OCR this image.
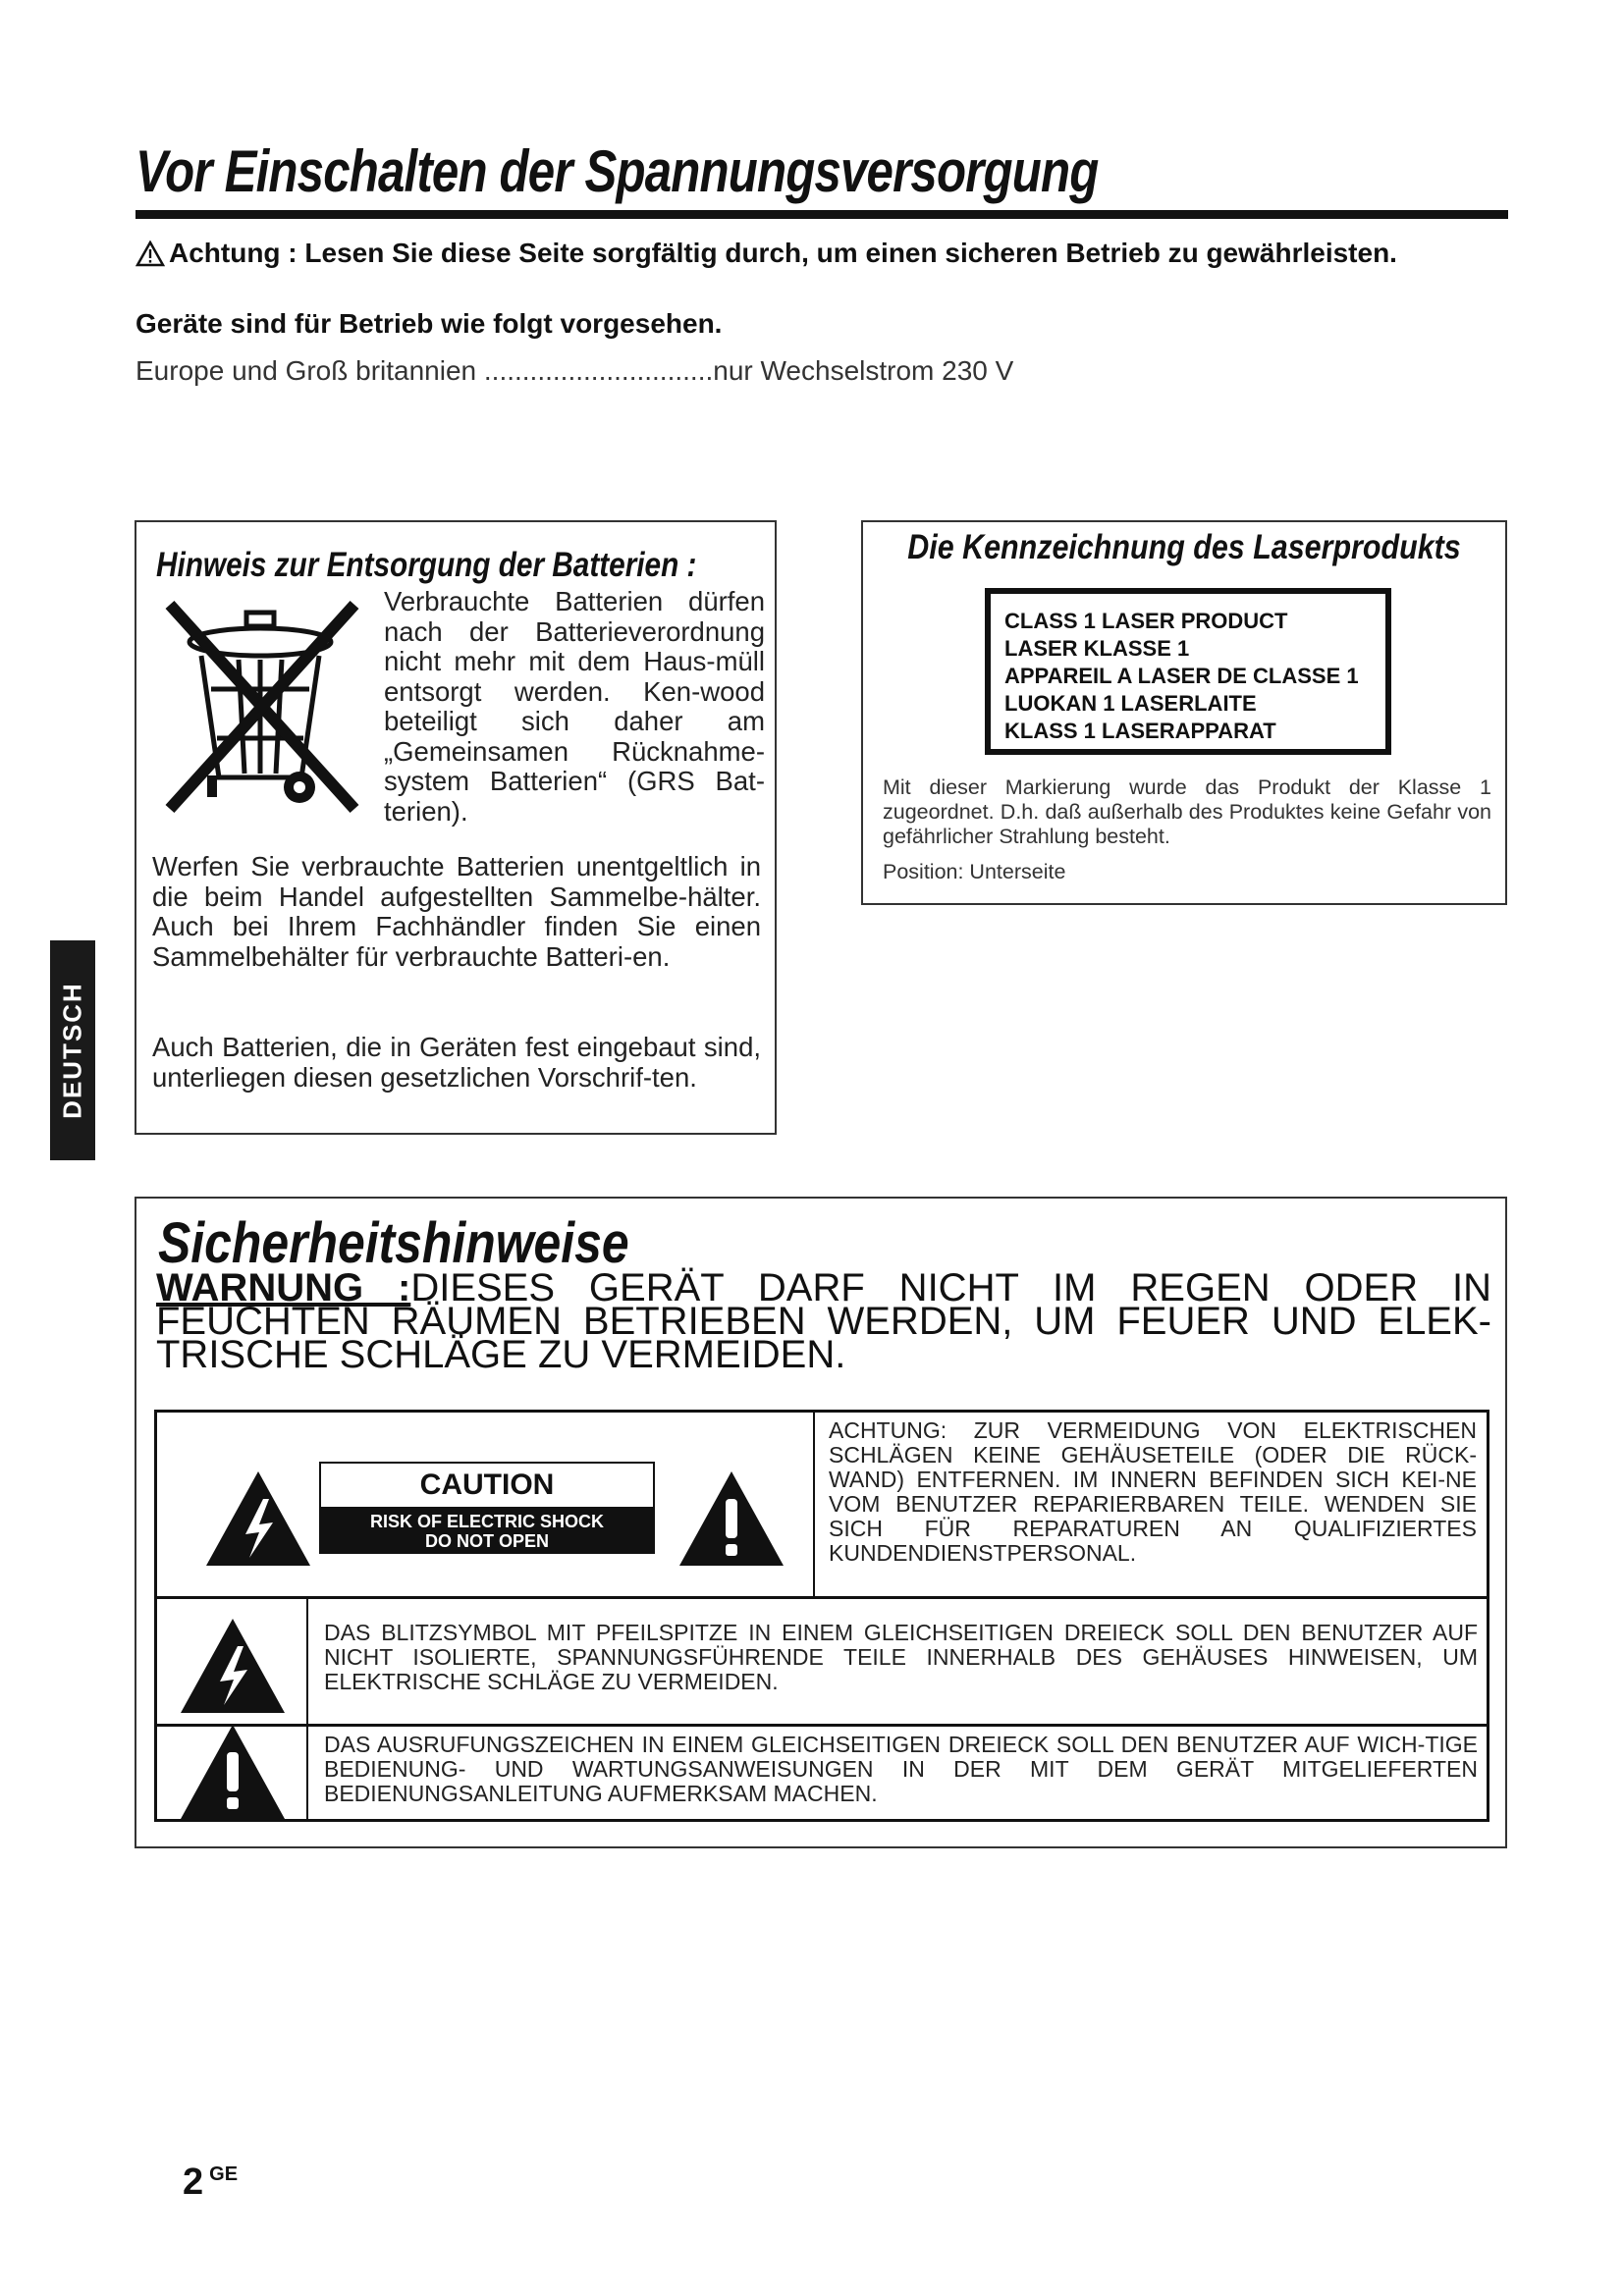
Vor Einschalten der Spannungsversorgung
Achtung : Lesen Sie diese Seite sorgfältig durch, um einen sicheren Betrieb zu gewährleisten.
Geräte sind für Betrieb wie folgt vorgesehen.
Europe und Groß britannien ..............................nur Wechselstrom 230 V
Hinweis zur Entsorgung der Batterien :
Verbrauchte Batterien dürfen nach der Batterieverordnung nicht mehr mit dem Haus-müll entsorgt werden. Ken-wood beteiligt sich daher am „Gemeinsamen Rücknahme-system Batterien“ (GRS Bat-terien).
Werfen Sie verbrauchte Batterien unentgeltlich in die beim Handel aufgestellten Sammelbe-hälter. Auch bei Ihrem Fachhändler finden Sie einen Sammelbehälter für verbrauchte Batteri-en.
Auch Batterien, die in Geräten fest eingebaut sind, unterliegen diesen gesetzlichen Vorschrif-ten.
Die Kennzeichnung des Laserprodukts
CLASS 1 LASER PRODUCT
LASER KLASSE 1
APPAREIL A LASER DE CLASSE 1
LUOKAN 1 LASERLAITE
KLASS 1 LASERAPPARAT
Mit dieser Markierung wurde das Produkt der Klasse 1 zugeordnet. D.h. daß außerhalb des Produktes keine Gefahr von gefährlicher Strahlung besteht.
Position: Unterseite
DEUTSCH
Sicherheitshinweise
WARNUNG :DIESES GERÄT DARF NICHT IM REGEN ODER IN FEUCHTEN RÄUMEN BETRIEBEN WERDEN, UM FEUER UND ELEK-TRISCHE SCHLÄGE ZU VERMEIDEN.
CAUTION
RISK OF ELECTRIC SHOCK
DO NOT OPEN
ACHTUNG: ZUR VERMEIDUNG VON ELEKTRISCHEN SCHLÄGEN KEINE GEHÄUSETEILE (ODER DIE RÜCK-WAND) ENTFERNEN. IM INNERN BEFINDEN SICH KEI-NE VOM BENUTZER REPARIERBAREN TEILE. WENDEN SIE SICH FÜR REPARATUREN AN QUALIFIZIERTES KUNDENDIENSTPERSONAL.
DAS BLITZSYMBOL MIT PFEILSPITZE IN EINEM GLEICHSEITIGEN DREIECK SOLL DEN BENUTZER AUF NICHT ISOLIERTE, SPANNUNGSFÜHRENDE TEILE INNERHALB DES GEHÄUSES HINWEISEN, UM ELEKTRISCHE SCHLÄGE ZU VERMEIDEN.
DAS AUSRUFUNGSZEICHEN IN EINEM GLEICHSEITIGEN DREIECK SOLL DEN BENUTZER AUF WICH-TIGE BEDIENUNG- UND WARTUNGSANWEISUNGEN IN DER MIT DEM GERÄT MITGELIEFERTEN BEDIENUNGSANLEITUNG AUFMERKSAM MACHEN.
2 $^{GE}$
